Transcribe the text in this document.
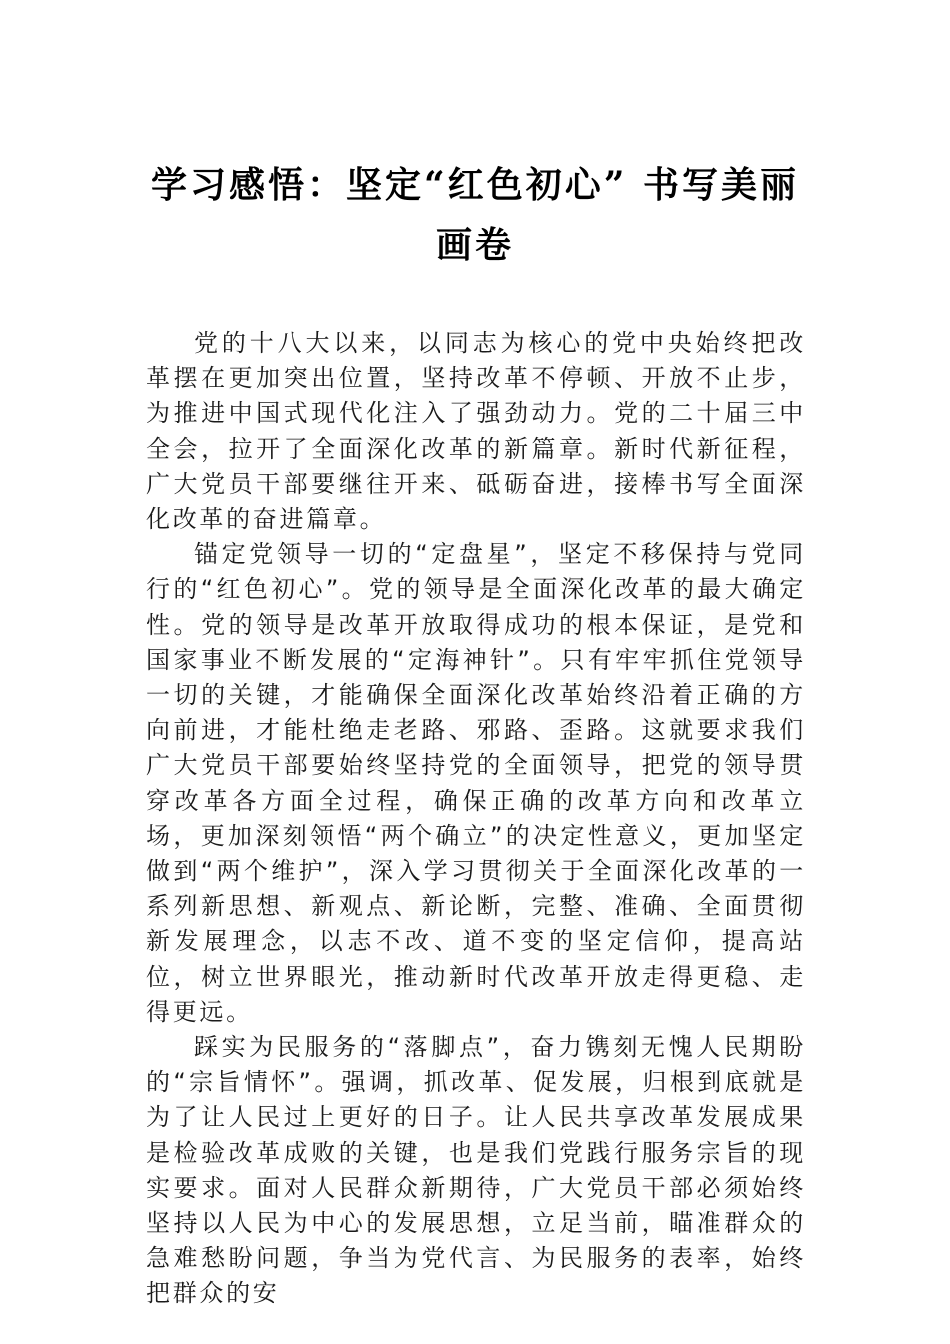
学习感悟：坚定“红色初心” 书写美丽画卷

党的十八大以来，以同志为核心的党中央始终把改革摆在更加突出位置，坚持改革不停顿、开放不止步，为推进中国式现代化注入了强劲动力。党的二十届三中全会，拉开了全面深化改革的新篇章。新时代新征程，广大党员干部要继往开来、砥砺奋进，接棒书写全面深化改革的奋进篇章。

锚定党领导一切的“定盘星”，坚定不移保持与党同行的“红色初心”。党的领导是全面深化改革的最大确定性。党的领导是改革开放取得成功的根本保证，是党和国家事业不断发展的“定海神针”。只有牢牢抓住党领导一切的关键，才能确保全面深化改革始终沿着正确的方向前进，才能杜绝走老路、邪路、歪路。这就要求我们广大党员干部要始终坚持党的全面领导，把党的领导贯穿改革各方面全过程，确保正确的改革方向和改革立场，更加深刻领悟“两个确立”的决定性意义，更加坚定做到“两个维护”，深入学习贯彻关于全面深化改革的一系列新思想、新观点、新论断，完整、准确、全面贯彻新发展理念，以志不改、道不变的坚定信仰，提高站位，树立世界眼光，推动新时代改革开放走得更稳、走得更远。

踩实为民服务的“落脚点”，奋力镌刻无愧人民期盼的“宗旨情怀”。强调，抓改革、促发展，归根到底就是为了让人民过上更好的日子。让人民共享改革发展成果是检验改革成败的关键，也是我们党践行服务宗旨的现实要求。面对人民群众新期待，广大党员干部必须始终坚持以人民为中心的发展思想，立足当前，瞄准群众的急难愁盼问题，争当为党代言、为民服务的表率，始终把群众的安
